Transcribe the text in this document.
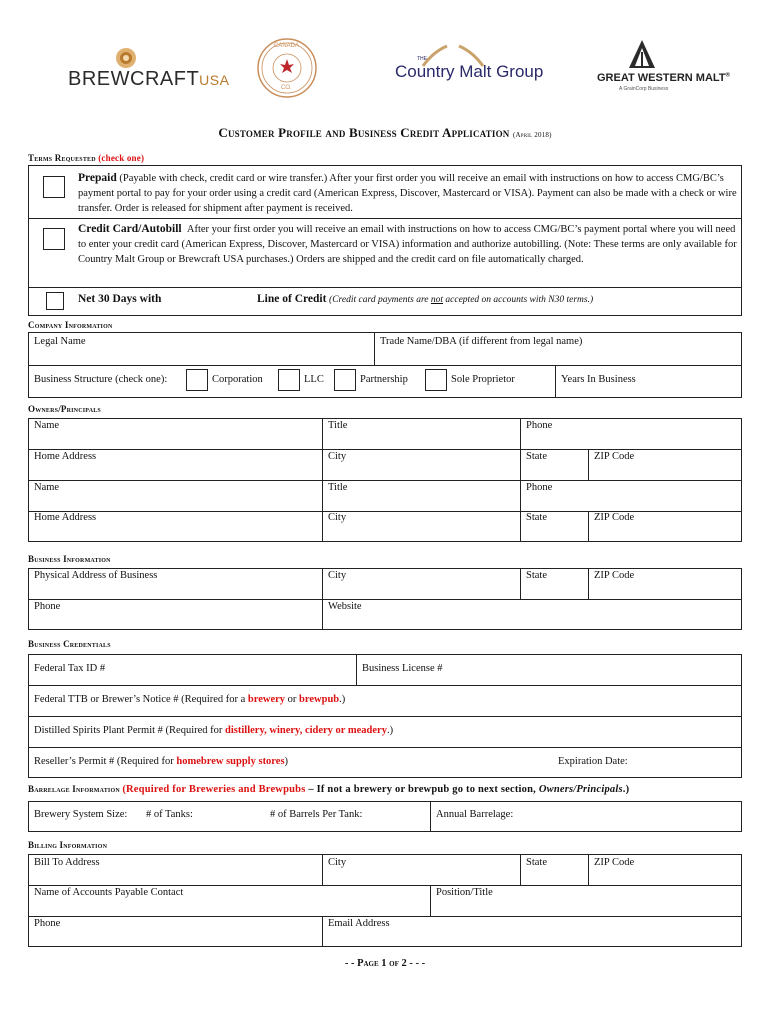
BREWCRAFTUSA
CANADA
CO.
THE
Country Malt Group	GREAT WESTERN MALT®
A GrainCorp Business
Customer Profile and Business Credit Application (April 2018)
Terms Requested (check one)
Prepaid (Payable with check, credit card or wire transfer.) After your first order you will receive an email with instructions on how to access CMG/BC’s payment portal to pay for your order using a credit card (American Express, Discover, Mastercard or VISA). Payment can also be made with a check or wire transfer. Order is released for shipment after payment is received.
Credit Card/Autobill After your first order you will receive an email with instructions on how to access CMG/BC’s payment portal where you will need to enter your credit card (American Express, Discover, Mastercard or VISA) information and authorize autobilling. (Note: These terms are only available for Country Malt Group or Brewcraft USA purchases.) Orders are shipped and the credit card on file automatically charged.
Net 30 Days with	Line of Credit (Credit card payments are not accepted on accounts with N30 terms.)
Company Information
Legal Name	Trade Name/DBA (if different from legal name)
Business Structure (check one):	Corporation	LLC	Partnership	Sole Proprietor	Years In Business
Owners/Principals
Name	Title	Phone
Home Address	City	State	ZIP Code
Name	Title	Phone
Home Address	City	State	ZIP Code
Business Information
Physical Address of Business	City	State	ZIP Code
Phone	Website
Business Credentials
Federal Tax ID #	Business License #
Federal TTB or Brewer’s Notice # (Required for a brewery or brewpub.)
Distilled Spirits Plant Permit # (Required for distillery, winery, cidery or meadery.)
Reseller’s Permit # (Required for homebrew supply stores)	Expiration Date:
Barrelage Information (Required for Breweries and Brewpubs – If not a brewery or brewpub go to next section, Owners/Principals.)
Brewery System Size: # of Tanks:	# of Barrels Per Tank:	Annual Barrelage:
Billing Information
Bill To Address	City	State	ZIP Code
Name of Accounts Payable Contact	Position/Title
Phone	Email Address
- - Page 1 of 2 - - -
